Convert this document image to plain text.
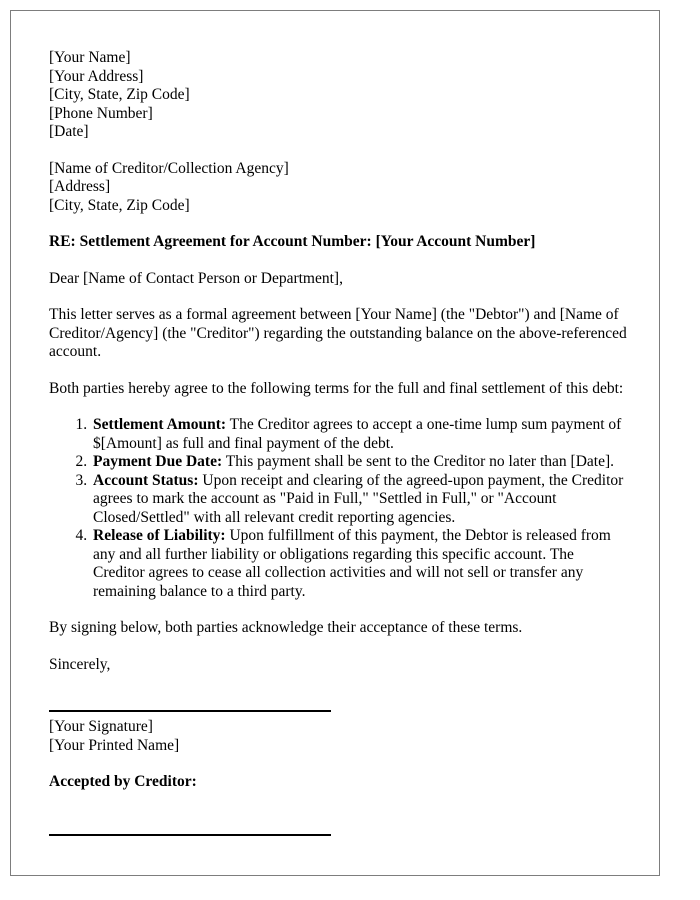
[Your Name]
[Your Address]
[City, State, Zip Code]
[Phone Number]
[Date]
[Name of Creditor/Collection Agency]
[Address]
[City, State, Zip Code]

RE: Settlement Agreement for Account Number: [Your Account Number]

Dear [Name of Contact Person or Department],

This letter serves as a formal agreement between [Your Name] (the "Debtor") and [Name of Creditor/Agency] (the "Creditor") regarding the outstanding balance on the above-referenced account.

Both parties hereby agree to the following terms for the full and final settlement of this debt:

1. Settlement Amount: The Creditor agrees to accept a one-time lump sum payment of $[Amount] as full and final payment of the debt.
2. Payment Due Date: This payment shall be sent to the Creditor no later than [Date].
3. Account Status: Upon receipt and clearing of the agreed-upon payment, the Creditor agrees to mark the account as "Paid in Full," "Settled in Full," or "Account Closed/Settled" with all relevant credit reporting agencies.
4. Release of Liability: Upon fulfillment of this payment, the Debtor is released from any and all further liability or obligations regarding this specific account. The Creditor agrees to cease all collection activities and will not sell or transfer any remaining balance to a third party.

By signing below, both parties acknowledge their acceptance of these terms.

Sincerely,

[Your Signature]
[Your Printed Name]

Accepted by Creditor:
